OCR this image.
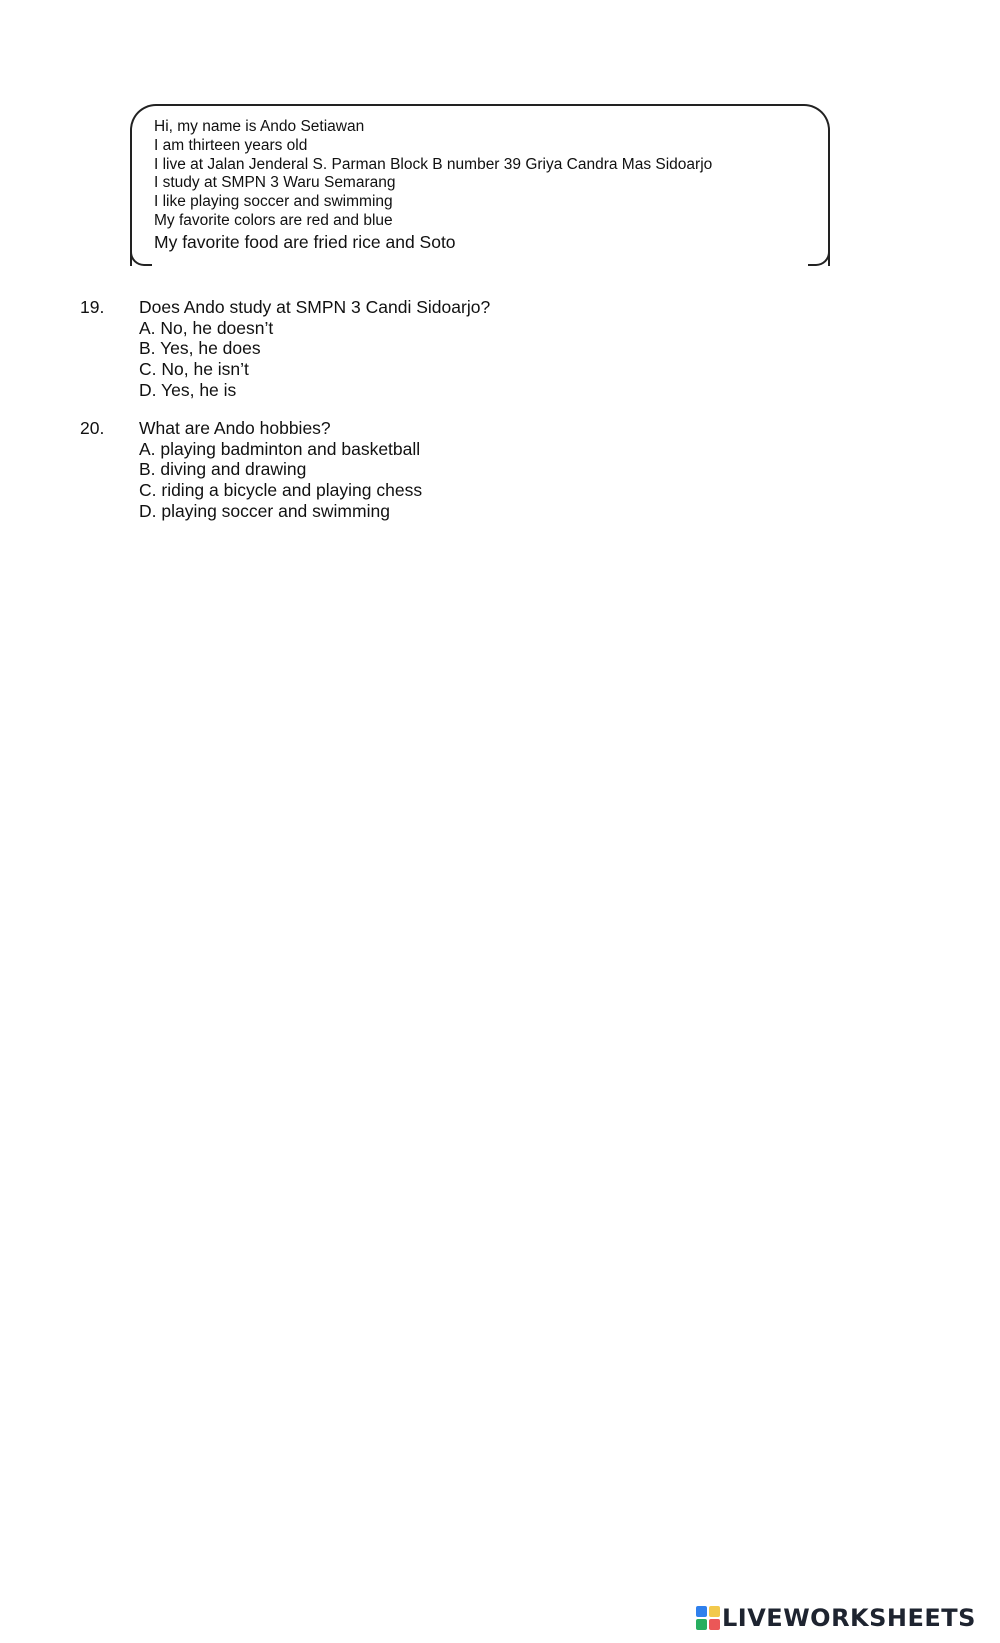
Hi, my name is Ando Setiawan
I am thirteen years old
I live at Jalan Jenderal S. Parman Block B number 39 Griya Candra Mas Sidoarjo
I study at SMPN 3 Waru Semarang
I like playing soccer and swimming
My favorite colors are red and blue
My favorite food are fried rice and Soto
19. Does Ando study at SMPN 3 Candi Sidoarjo?
A. No, he doesn’t
B. Yes, he does
C. No, he isn’t
D. Yes, he is
20. What are Ando hobbies?
A. playing badminton and basketball
B. diving and drawing
C. riding a bicycle and playing chess
D. playing soccer and swimming
LIVEWORKSHEETS
